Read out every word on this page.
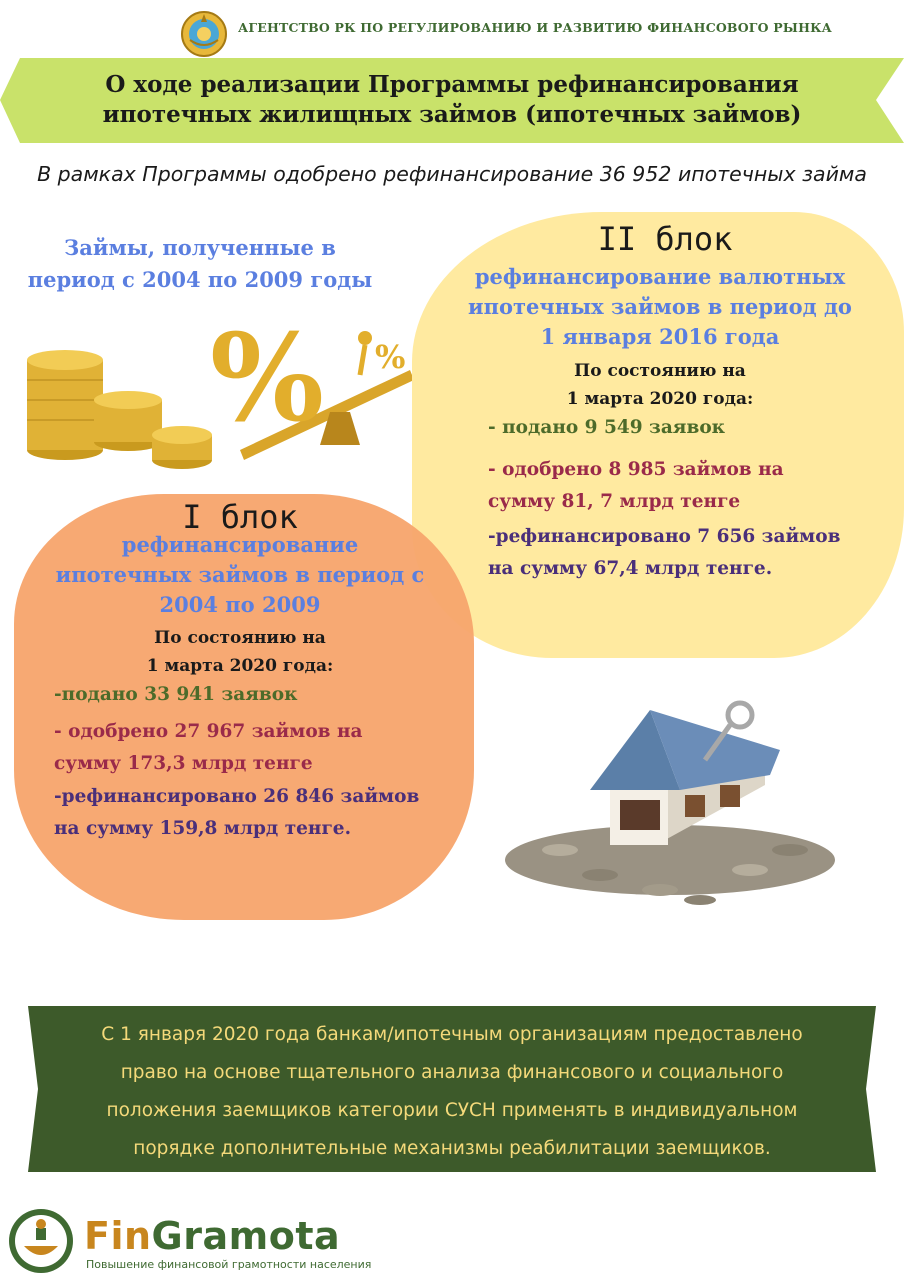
АГЕНТСТВО РК ПО РЕГУЛИРОВАНИЮ И РАЗВИТИЮ ФИНАНСОВОГО РЫНКА
О ходе реализации Программы рефинансирования
ипотечных жилищных займов (ипотечных займов)
В рамках Программы одобрено рефинансирование 36 952 ипотечных займа
Займы, полученные в
период с 2004 по 2009 годы
% %
II блок
рефинансирование валютных
ипотечных займов в период до
1 января 2016 года
По состоянию на
1 марта 2020 года:
- подано 9 549 заявок
- одобрено 8 985 займов на
сумму 81, 7 млрд тенге
-рефинансировано 7 656 займов
на сумму 67,4 млрд тенге.
I блок
рефинансирование
ипотечных займов в период с
2004 по 2009
По состоянию на
1 марта 2020 года:
-подано 33 941 заявок
- одобрено 27 967 займов на
сумму 173,3 млрд тенге
-рефинансировано 26 846 займов
на сумму 159,8 млрд тенге.
С 1 января 2020 года банкам/ипотечным организациям предоставлено
право на основе тщательного анализа финансового и социального
положения заемщиков категории СУСН применять в индивидуальном
порядке дополнительные механизмы реабилитации заемщиков.
FinGramota
Повышение финансовой грамотности населения
